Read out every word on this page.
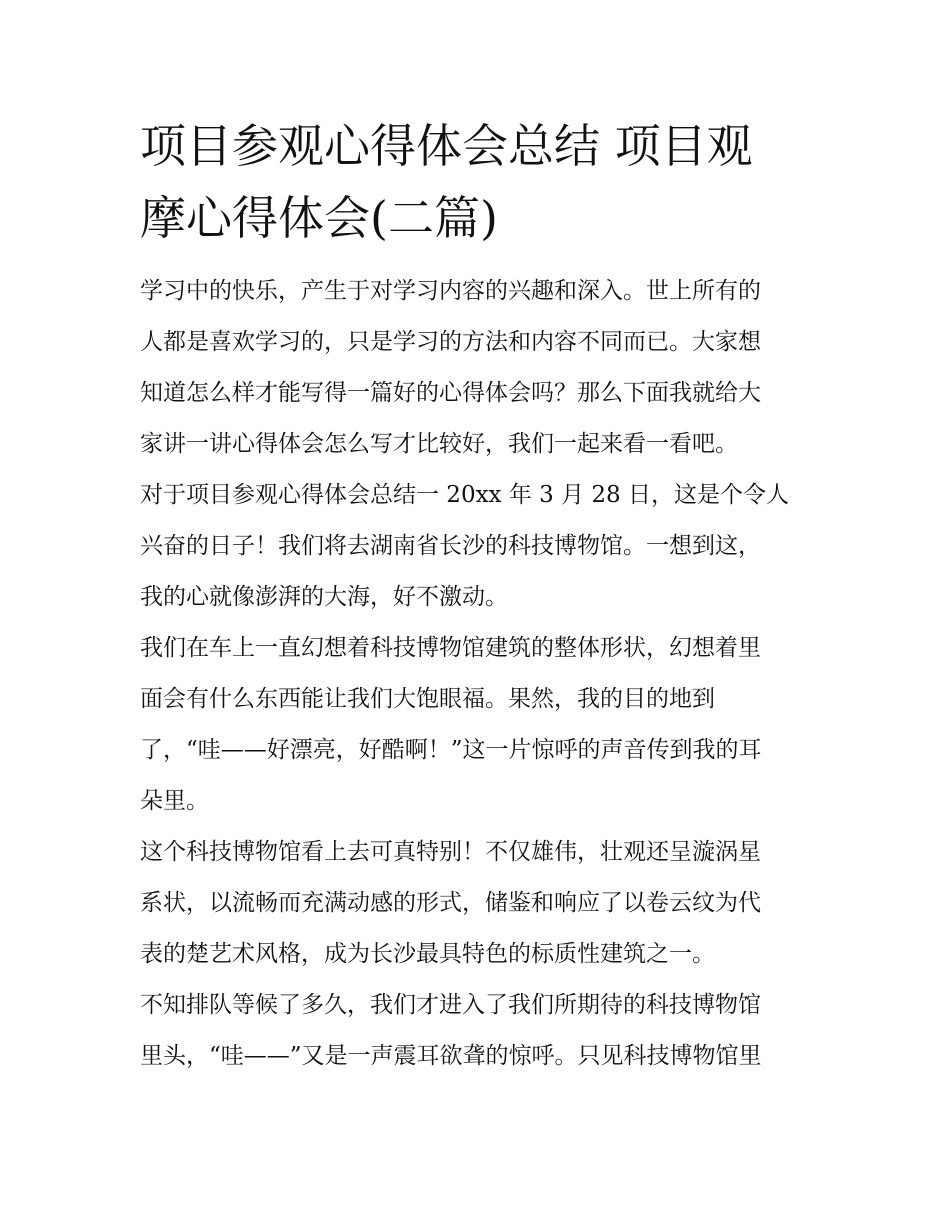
项目参观心得体会总结 项目观
摩心得体会(二篇)
学习中的快乐，产生于对学习内容的兴趣和深入。世上所有的
人都是喜欢学习的，只是学习的方法和内容不同而已。大家想
知道怎么样才能写得一篇好的心得体会吗？那么下面我就给大
家讲一讲心得体会怎么写才比较好，我们一起来看一看吧。
对于项目参观心得体会总结一 20xx 年 3 月 28 日，这是个令人
兴奋的日子！我们将去湖南省长沙的科技博物馆。一想到这，
我的心就像澎湃的大海，好不激动。
我们在车上一直幻想着科技博物馆建筑的整体形状，幻想着里
面会有什么东西能让我们大饱眼福。果然，我的目的地到
了，“哇——好漂亮，好酷啊！”这一片惊呼的声音传到我的耳
朵里。
这个科技博物馆看上去可真特别！不仅雄伟，壮观还呈漩涡星
系状，以流畅而充满动感的形式，储鉴和响应了以卷云纹为代
表的楚艺术风格，成为长沙最具特色的标质性建筑之一。
不知排队等候了多久，我们才进入了我们所期待的科技博物馆
里头，“哇——”又是一声震耳欲聋的惊呼。只见科技博物馆里
